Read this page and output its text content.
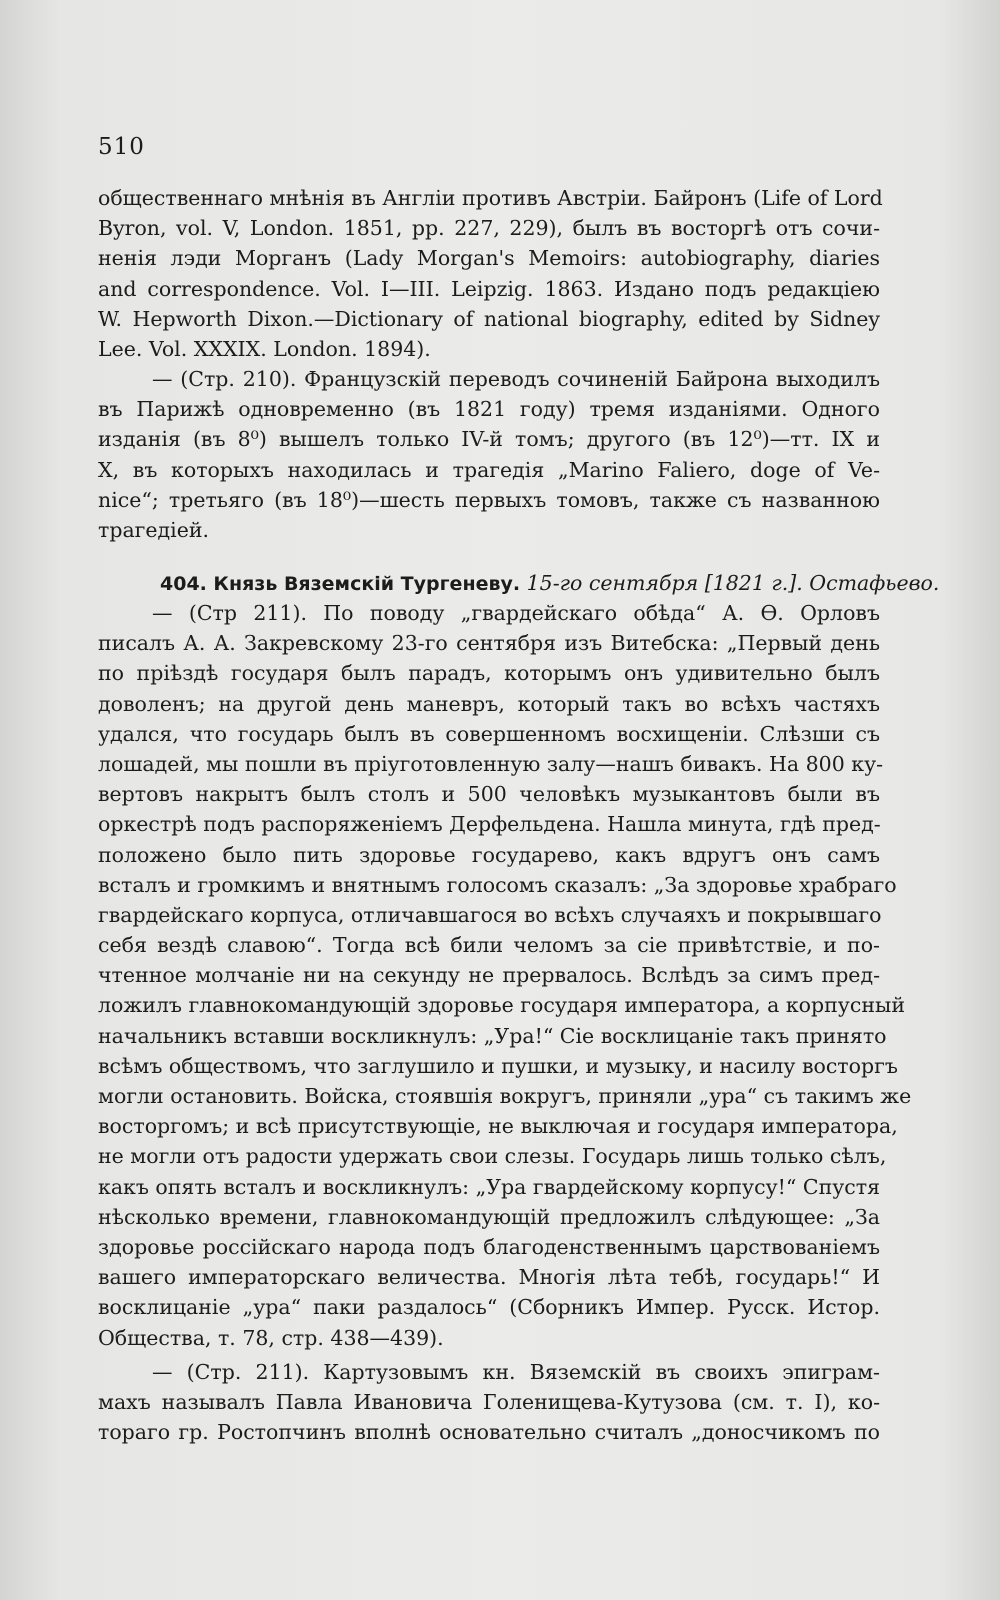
510

общественнаго мнѣнія въ Англіи противъ Австріи. Байронъ (Life of Lord
Byron, vol. V, London. 1851, pp. 227, 229), былъ въ восторгѣ отъ сочи-
ненія лэди Морганъ (Lady Morgan's Memoirs: autobiography, diaries
and correspondence. Vol. I—III. Leipzig. 1863. Издано подъ редакціею
W. Hepworth Dixon.—Dictionary of national biography, edited by Sidney
Lee. Vol. XXXIX. London. 1894).
— (Стр. 210). Французскій переводъ сочиненій Байрона выходилъ
въ Парижѣ одновременно (въ 1821 году) тремя изданіями. Одного
изданія (въ 8⁰) вышелъ только IV-й томъ; другого (въ 12⁰)—тт. IX и
X, въ которыхъ находилась и трагедія „Marino Faliero, doge of Ve-
nice“; третьяго (въ 18⁰)—шесть первыхъ томовъ, также съ названною
трагедіей.
404. Князь Вяземскій Тургеневу. 15-го сентября [1821 г.]. Остафьево.
— (Стр 211). По поводу „гвардейскаго обѣда“ А. Ѳ. Орловъ
писалъ А. А. Закревскому 23-го сентября изъ Витебска: „Первый день
по пріѣздѣ государя былъ парадъ, которымъ онъ удивительно былъ
доволенъ; на другой день маневръ, который такъ во всѣхъ частяхъ
удался, что государь былъ въ совершенномъ восхищеніи. Слѣзши съ
лошадей, мы пошли въ пріуготовленную залу—нашъ бивакъ. На 800 ку-
вертовъ накрытъ былъ столъ и 500 человѣкъ музыкантовъ были въ
оркестрѣ подъ распоряженіемъ Дерфельдена. Нашла минута, гдѣ пред-
положено было пить здоровье государево, какъ вдругъ онъ самъ
всталъ и громкимъ и внятнымъ голосомъ сказалъ: „За здоровье храбраго
гвардейскаго корпуса, отличавшагося во всѣхъ случаяхъ и покрывшаго
себя вездѣ славою“. Тогда всѣ били челомъ за сіе привѣтствіе, и по-
чтенное молчаніе ни на секунду не прервалось. Вслѣдъ за симъ пред-
ложилъ главнокомандующій здоровье государя императора, а корпусный
начальникъ вставши воскликнулъ: „Ура!“ Сіе восклицаніе такъ принято
всѣмъ обществомъ, что заглушило и пушки, и музыку, и насилу восторгъ
могли остановить. Войска, стоявшія вокругъ, приняли „ура“ съ такимъ же
восторгомъ; и всѣ присутствующіе, не выключая и государя императора,
не могли отъ радости удержать свои слезы. Государь лишь только сѣлъ,
какъ опять всталъ и воскликнулъ: „Ура гвардейскому корпусу!“ Спустя
нѣсколько времени, главнокомандующій предложилъ слѣдующее: „За
здоровье россійскаго народа подъ благоденственнымъ царствованіемъ
вашего императорскаго величества. Многія лѣта тебѣ, государь!“ И
восклицаніе „ура“ паки раздалось“ (Сборникъ Импер. Русск. Истор.
Общества, т. 78, стр. 438—439).
— (Стр. 211). Картузовымъ кн. Вяземскій въ своихъ эпиграм-
махъ называлъ Павла Ивановича Голенищева-Кутузова (см. т. I), ко-
тораго гр. Ростопчинъ вполнѣ основательно считалъ „доносчикомъ по
